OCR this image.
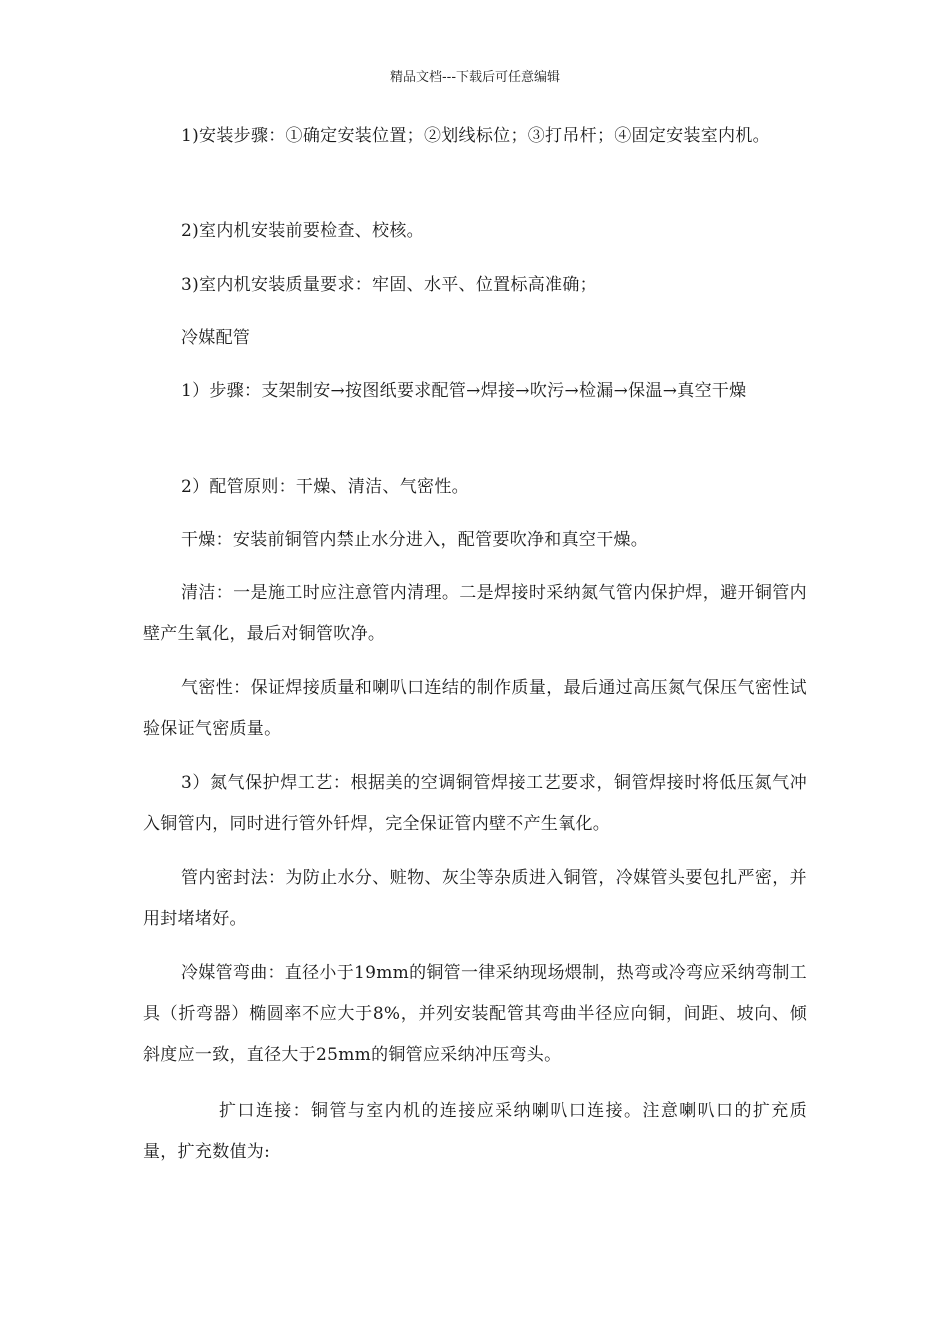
精品文档---下载后可任意编辑

1)安装步骤：①确定安装位置；②划线标位；③打吊杆；④固定安装室内机。

2)室内机安装前要检查、校核。

3)室内机安装质量要求：牢固、水平、位置标高准确；

冷媒配管

1）步骤：支架制安→按图纸要求配管→焊接→吹污→检漏→保温→真空干燥

2）配管原则：干燥、清洁、气密性。

干燥：安装前铜管内禁止水分进入，配管要吹净和真空干燥。

清洁：一是施工时应注意管内清理。二是焊接时采纳氮气管内保护焊，避开铜管内壁产生氧化，最后对铜管吹净。

气密性：保证焊接质量和喇叭口连结的制作质量，最后通过高压氮气保压气密性试验保证气密质量。

3）氮气保护焊工艺：根据美的空调铜管焊接工艺要求，铜管焊接时将低压氮气冲入铜管内，同时进行管外钎焊，完全保证管内壁不产生氧化。

管内密封法：为防止水分、赃物、灰尘等杂质进入铜管，冷媒管头要包扎严密，并用封堵堵好。

冷媒管弯曲：直径小于19mm的铜管一律采纳现场煨制，热弯或冷弯应采纳弯制工具（折弯器）椭圆率不应大于8%，并列安装配管其弯曲半径应向铜，间距、坡向、倾斜度应一致，直径大于25mm的铜管应采纳冲压弯头。

扩口连接：铜管与室内机的连接应采纳喇叭口连接。注意喇叭口的扩充质量，扩充数值为:
